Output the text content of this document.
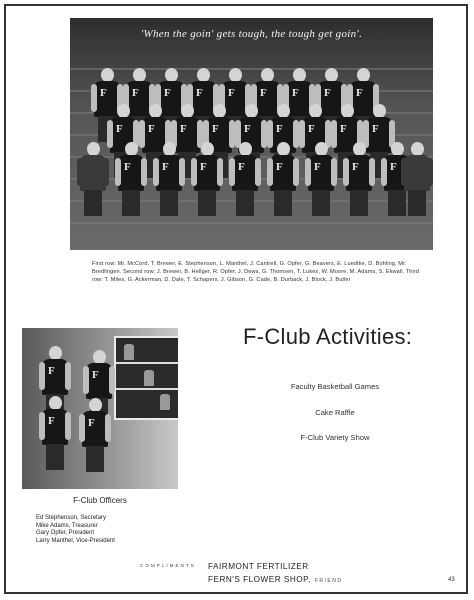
'When the goin' gets tough, the tough get goin'.
F F F F F F F F F
F F F F F F F F F
F	F	F	F	F	F	F	F
First row: Mr. McCord, T. Brewer, E. Stephenson, L. Manthel, J. Cantrell, G. Opfer, G. Beavers, E. Luedtke, D. Bohling, Mr. Bredlingen. Second row: J. Brewer, B. Hellger, R. Opfer, J. Dews, G. Thomsen, T. Lukes, W. Moore, M. Adams, S. Ekwall. Third row: T. Miles, G. Ackerman, D. Dale, T. Schapers, J. Gibson, G. Cade, B. Durback, J. Block, J. Butler
F	F
F	F
F-Club Officers
Ed Stephenson, Secretary
Mike Adams, Treasurer
Gary Opfer, President
Larry Manthel, Vice-President
F-Club Activities:
Faculty Basketball Games
Cake Raffle
F-Club Variety Show
COMPLIMENTS FAIRMONT FERTILIZER
FERN'S FLOWER SHOP, FRIEND	43
